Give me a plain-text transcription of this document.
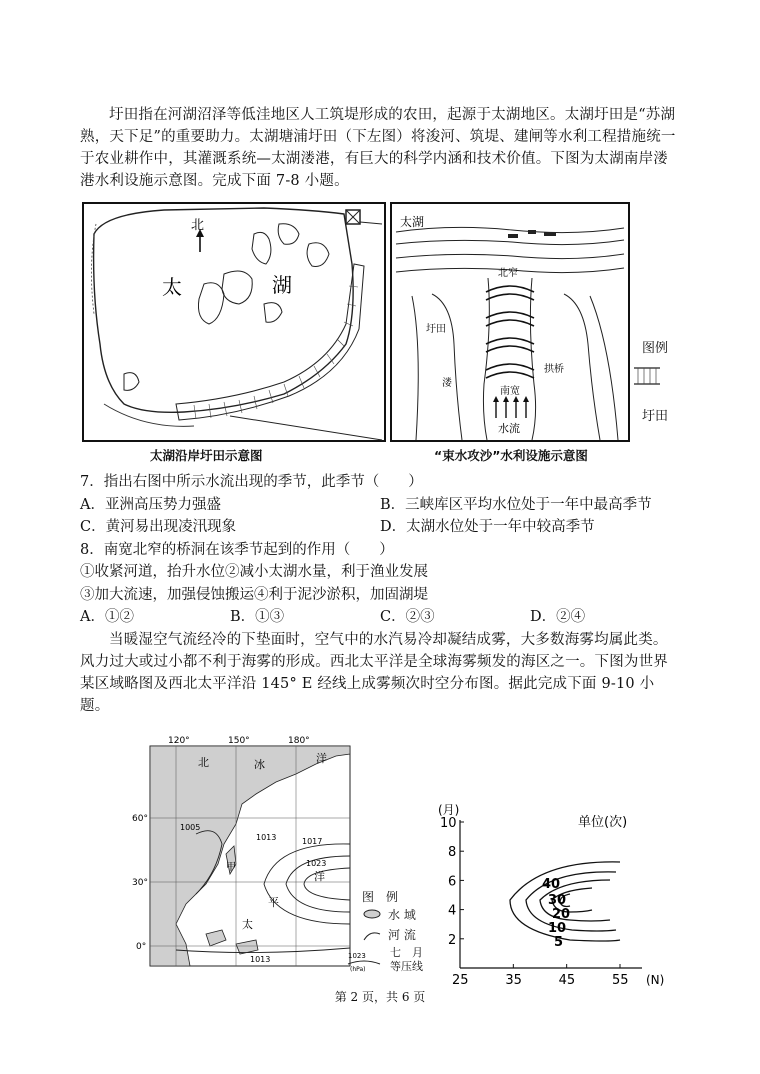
圩田指在河湖沼泽等低洼地区人工筑堤形成的农田，起源于太湖地区。太湖圩田是“苏湖熟，天下足”的重要助力。太湖塘浦圩田（下左图）将浚河、筑堤、建闸等水利工程措施统一于农业耕作中，其灌溉系统—太湖溇港，有巨大的科学内涵和技术价值。下图为太湖南岸溇港水利设施示意图。完成下面 7-8 小题。
北
太	湖
太湖沿岸圩田示意图
太湖
北窄
圩田
溇
拱桥
南宽
水流
“束水攻沙”水利设施示意图
图例
圩田
7．指出右图中所示水流出现的季节，此季节（　　）
A．亚洲高压势力强盛	B．三峡库区平均水位处于一年中最高季节
C．黄河易出现凌汛现象	D．太湖水位处于一年中较高季节
8．南宽北窄的桥洞在该季节起到的作用（　　）
①收紧河道，抬升水位②减小太湖水量，利于渔业发展
③加大流速，加强侵蚀搬运④利于泥沙淤积，加固湖堤
A．①②	B．①③	C．②③	D．②④
当暖湿空气流经冷的下垫面时，空气中的水汽易冷却凝结成雾，大多数海雾均属此类。风力过大或过小都不利于海雾的形成。西北太平洋是全球海雾频发的海区之一。下图为世界某区域略图及西北太平洋沿 145° E 经线上成雾频次时空分布图。据此完成下面 9-10 小题。
120°	150°	180°
60°
30°
0°
北	冰	洋
洋
平
太
1005
1013	1017
1023
1013
甲
图　例
水 域
河 流
1023
(hPa)
七　月
等压线
(月)
单位(次)
(N)
25	35	45	55
2
4
6
8
10
40
30
20
10
5
第 2 页，共 6 页
